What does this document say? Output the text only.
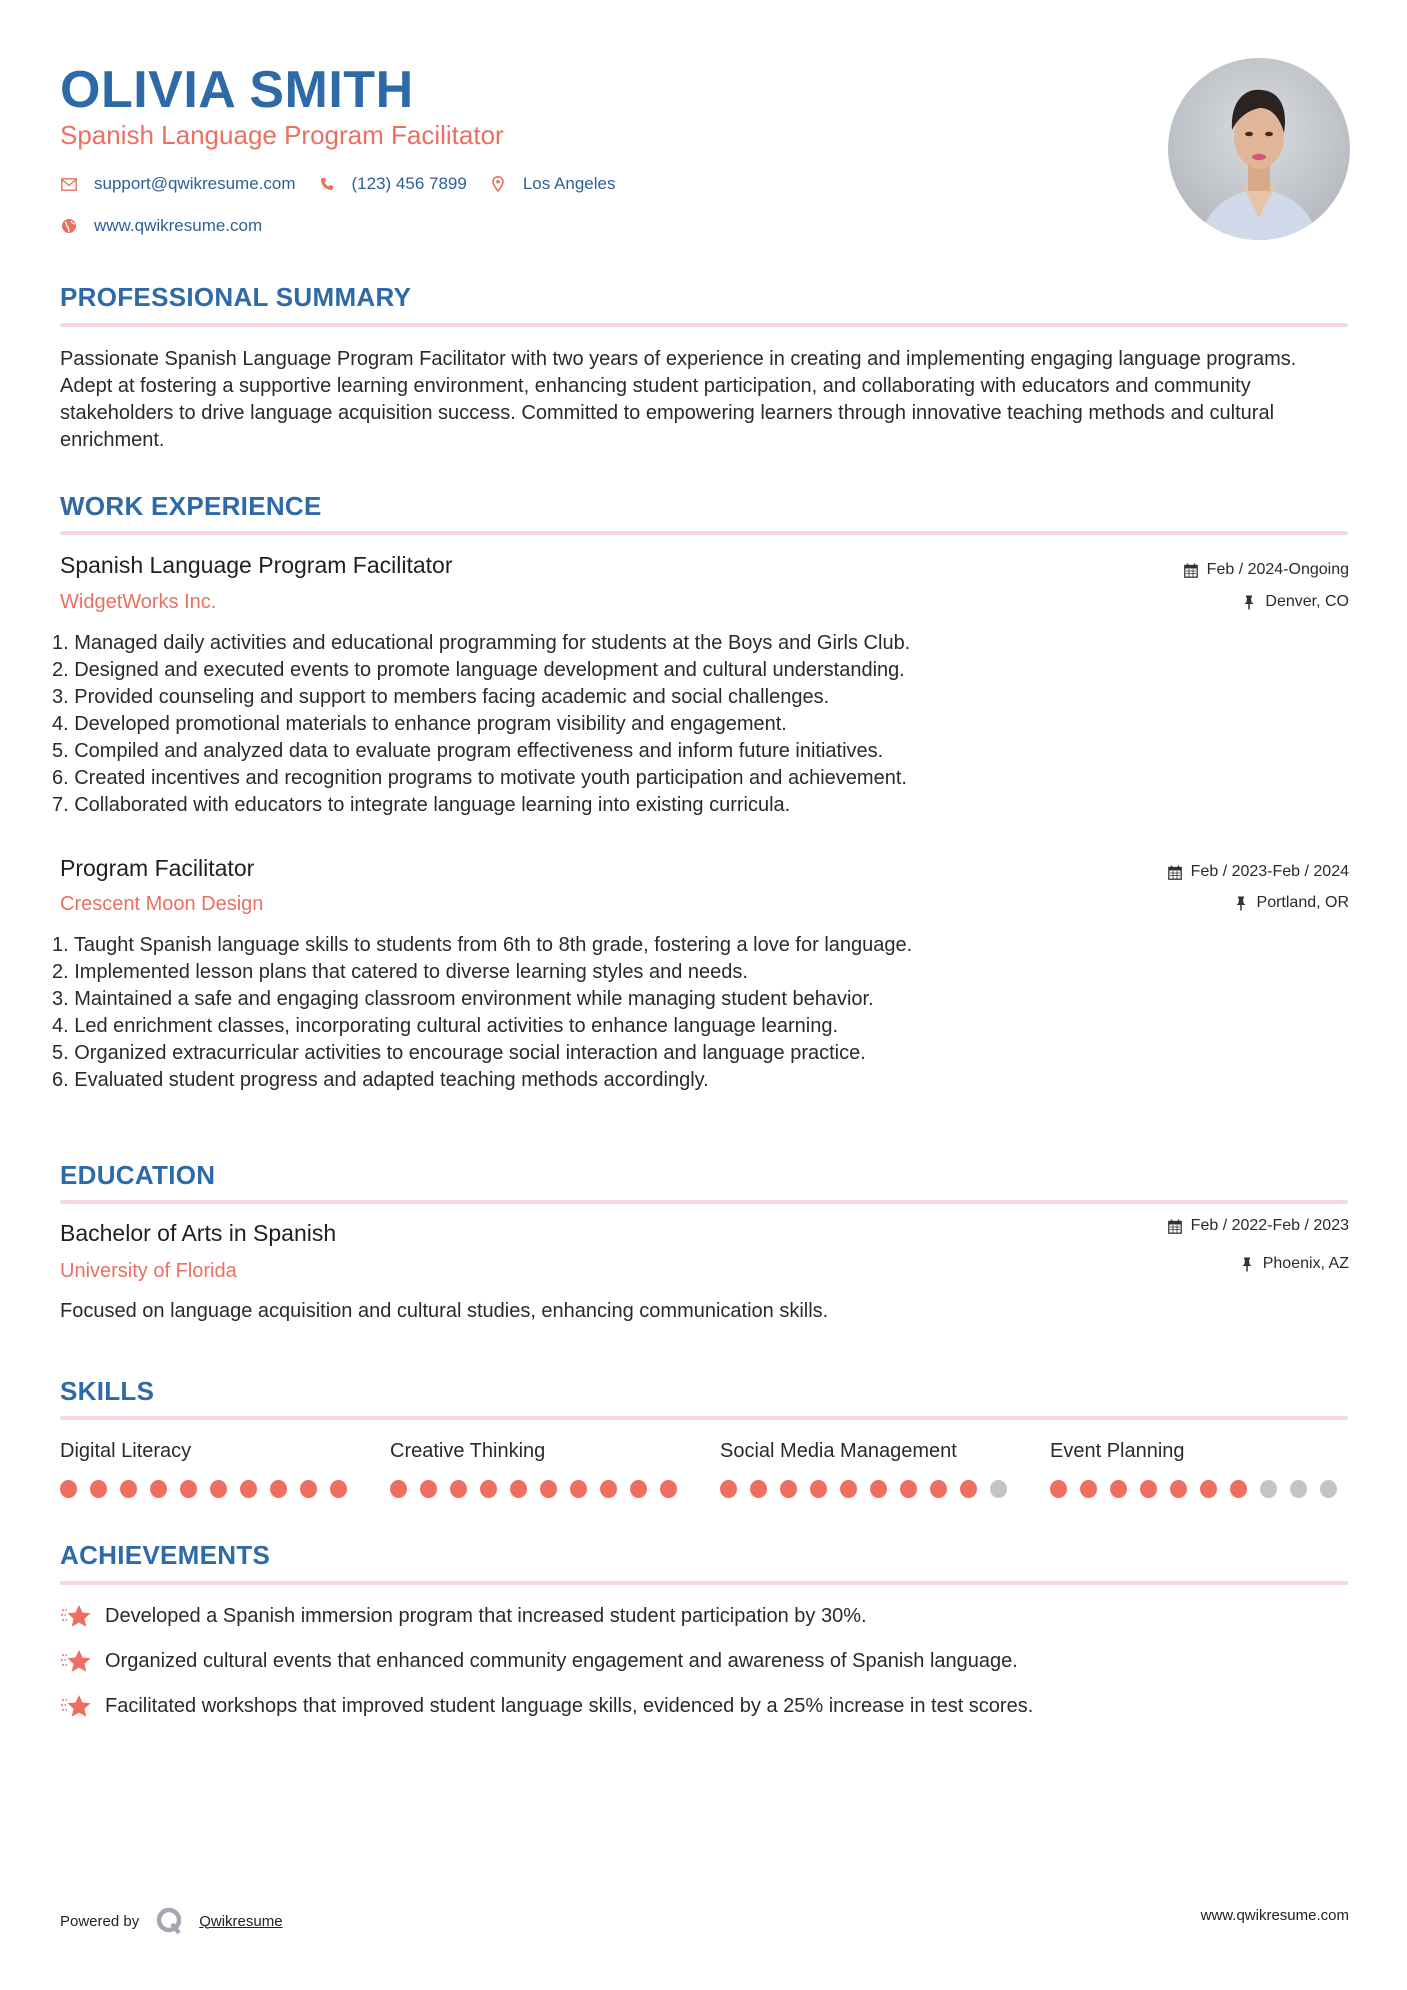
OLIVIA SMITH
Spanish Language Program Facilitator
support@qwikresume.com	(123) 456 7899	Los Angeles
www.qwikresume.com
PROFESSIONAL SUMMARY
Passionate Spanish Language Program Facilitator with two years of experience in creating and implementing engaging language programs. Adept at fostering a supportive learning environment, enhancing student participation, and collaborating with educators and community stakeholders to drive language acquisition success. Committed to empowering learners through innovative teaching methods and cultural enrichment.
WORK EXPERIENCE
Spanish Language Program Facilitator
WidgetWorks Inc.
Feb / 2024-Ongoing
Denver, CO
1. Managed daily activities and educational programming for students at the Boys and Girls Club.
2. Designed and executed events to promote language development and cultural understanding.
3. Provided counseling and support to members facing academic and social challenges.
4. Developed promotional materials to enhance program visibility and engagement.
5. Compiled and analyzed data to evaluate program effectiveness and inform future initiatives.
6. Created incentives and recognition programs to motivate youth participation and achievement.
7. Collaborated with educators to integrate language learning into existing curricula.
Program Facilitator
Crescent Moon Design
Feb / 2023-Feb / 2024
Portland, OR
1. Taught Spanish language skills to students from 6th to 8th grade, fostering a love for language.
2. Implemented lesson plans that catered to diverse learning styles and needs.
3. Maintained a safe and engaging classroom environment while managing student behavior.
4. Led enrichment classes, incorporating cultural activities to enhance language learning.
5. Organized extracurricular activities to encourage social interaction and language practice.
6. Evaluated student progress and adapted teaching methods accordingly.
EDUCATION
Bachelor of Arts in Spanish
University of Florida
Feb / 2022-Feb / 2023
Phoenix, AZ
Focused on language acquisition and cultural studies, enhancing communication skills.
SKILLS
Digital Literacy	Creative Thinking	Social Media Management	Event Planning
ACHIEVEMENTS
Developed a Spanish immersion program that increased student participation by 30%.
Organized cultural events that enhanced community engagement and awareness of Spanish language.
Facilitated workshops that improved student language skills, evidenced by a 25% increase in test scores.
Powered by	Qwikresume	www.qwikresume.com
